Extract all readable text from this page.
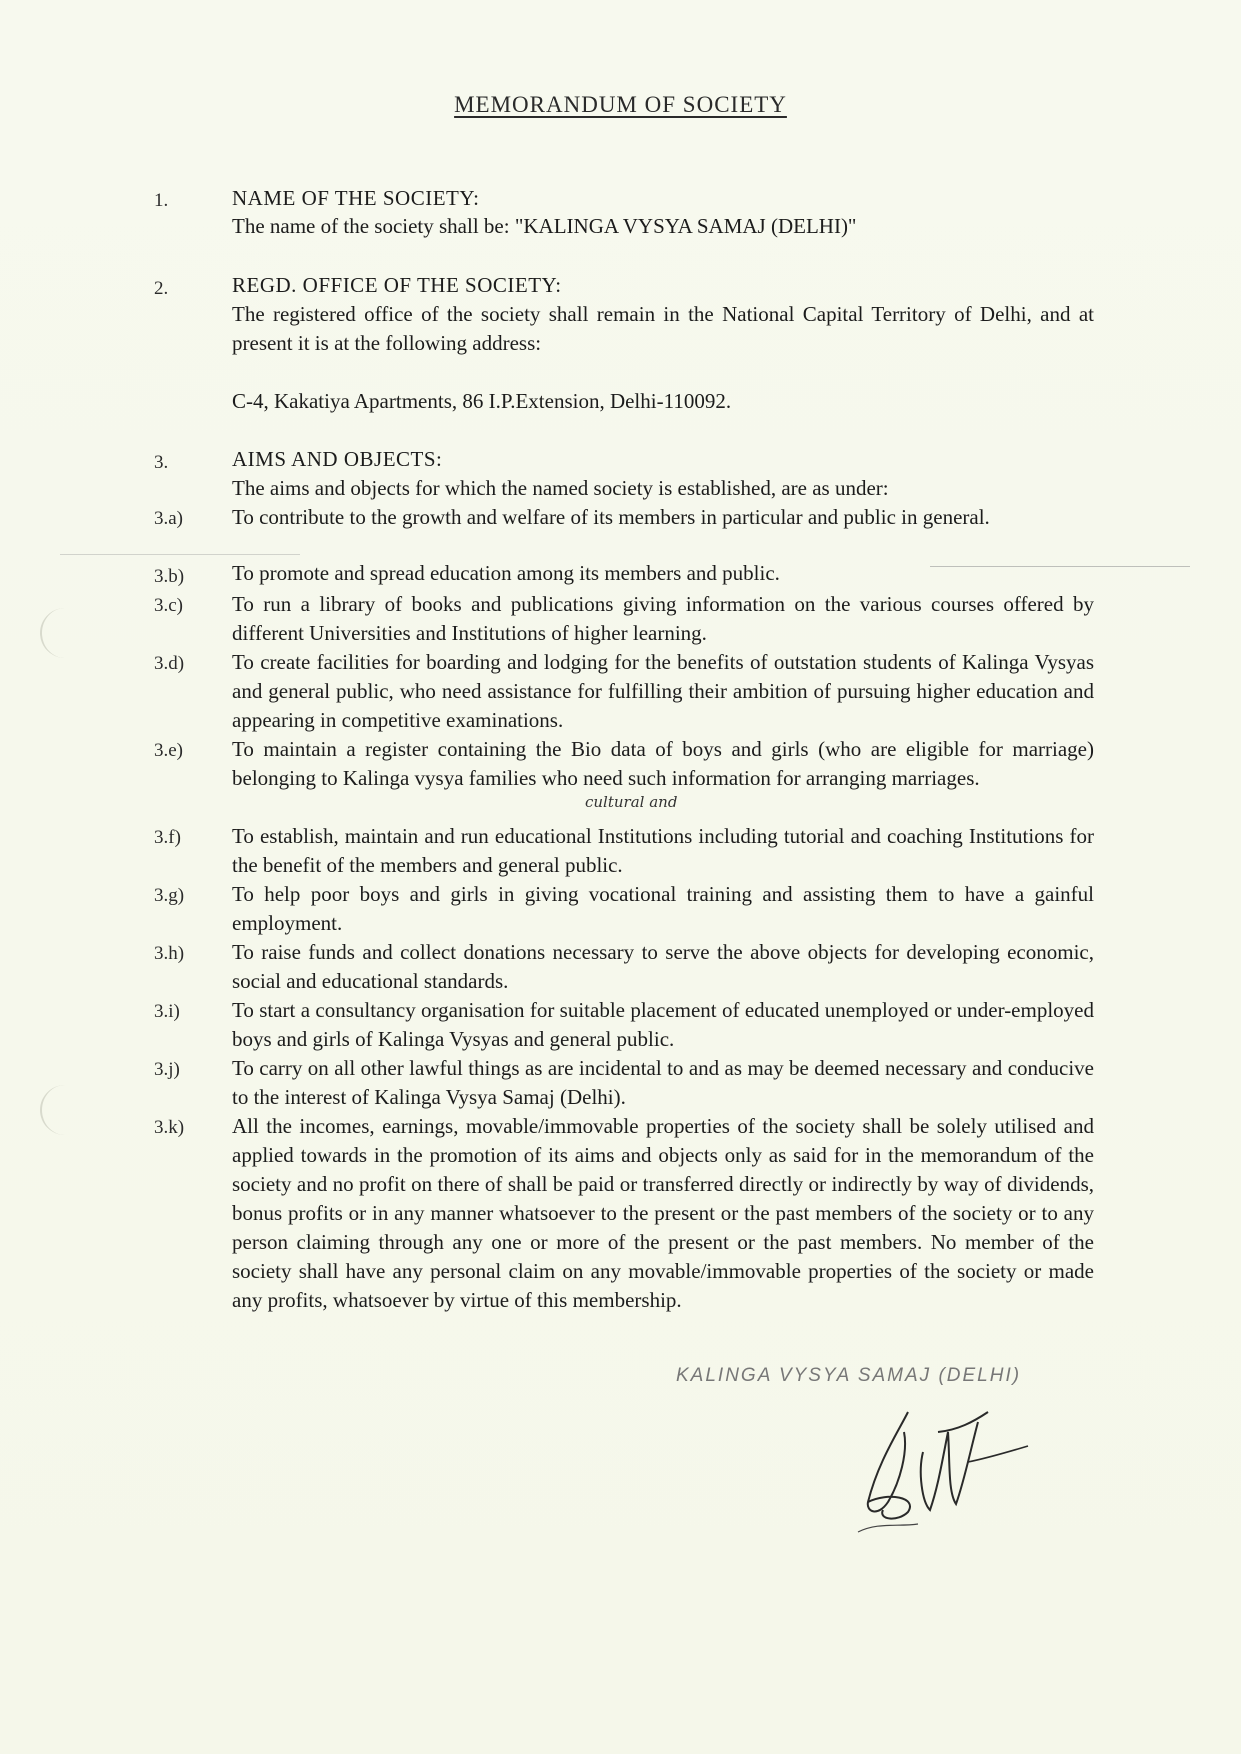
MEMORANDUM OF SOCIETY
1.	NAME OF THE SOCIETY:
The name of the society shall be: "KALINGA VYSYA SAMAJ (DELHI)"
2.	REGD. OFFICE OF THE SOCIETY:
The registered office of the society shall remain in the National Capital Territory of Delhi, and at present it is at the following address:
C-4, Kakatiya Apartments, 86 I.P.Extension, Delhi-110092.
3.	AIMS AND OBJECTS:
The aims and objects for which the named society is established, are as under:
3.a) To contribute to the growth and welfare of its members in particular and public in general.
3.b) To promote and spread education among its members and public.
3.c) To run a library of books and publications giving information on the various courses offered by different Universities and Institutions of higher learning.
3.d) To create facilities for boarding and lodging for the benefits of outstation students of Kalinga Vysyas and general public, who need assistance for fulfilling their ambition of pursuing higher education and appearing in competitive examinations.
3.e) To maintain a register containing the Bio data of boys and girls (who are eligible for marriage) belonging to Kalinga vysya families who need such information for arranging marriages.
cultural and
3.f) To establish, maintain and run educational Institutions including tutorial and coaching Institutions for the benefit of the members and general public.
3.g) To help poor boys and girls in giving vocational training and assisting them to have a gainful employment.
3.h) To raise funds and collect donations necessary to serve the above objects for developing economic, social and educational standards.
3.i) To start a consultancy organisation for suitable placement of educated unemployed or under-employed boys and girls of Kalinga Vysyas and general public.
3.j) To carry on all other lawful things as are incidental to and as may be deemed necessary and conducive to the interest of Kalinga Vysya Samaj (Delhi).
3.k) All the incomes, earnings, movable/immovable properties of the society shall be solely utilised and applied towards in the promotion of its aims and objects only as said for in the memorandum of the society and no profit on there of shall be paid or transferred directly or indirectly by way of dividends, bonus profits or in any manner whatsoever to the present or the past members of the society or to any person claiming through any one or more of the present or the past members. No member of the society shall have any personal claim on any movable/immovable properties of the society or made any profits, whatsoever by virtue of this membership.
KALINGA VYSYA SAMAJ (DELHI)
